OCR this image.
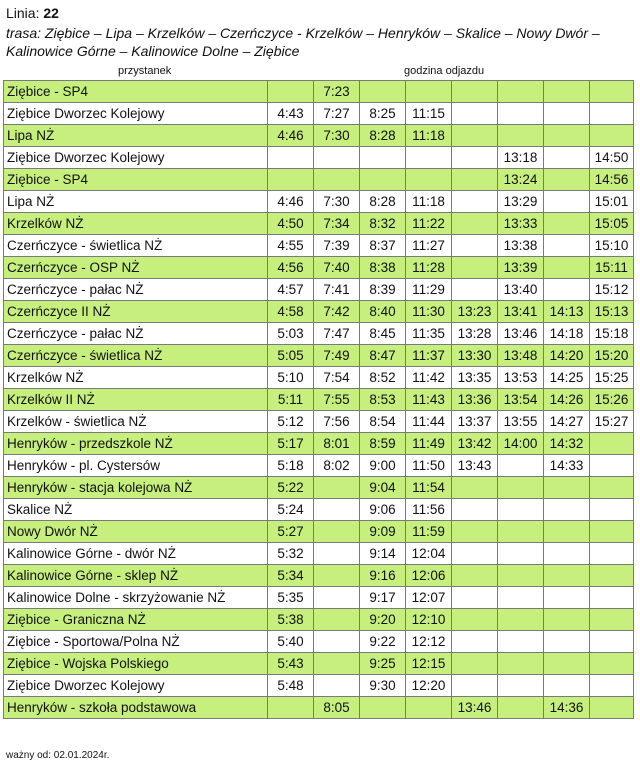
Linia: 22
trasa: Ziębice – Lipa – Krzelków – Czerńczyce - Krzelków – Henryków – Skalice – Nowy Dwór –
Kalinowice Górne – Kalinowice Dolne – Ziębice
przystanek	godzina odjazdu
Ziębice - SP4		7:23						
Ziębice Dworzec Kolejowy	4:43	7:27	8:25	11:15				
Lipa NŻ	4:46	7:30	8:28	11:18				
Ziębice Dworzec Kolejowy						13:18		14:50
Ziębice - SP4						13:24		14:56
Lipa NŻ	4:46	7:30	8:28	11:18		13:29		15:01
Krzelków NŻ	4:50	7:34	8:32	11:22		13:33		15:05
Czerńczyce - świetlica NŻ	4:55	7:39	8:37	11:27		13:38		15:10
Czerńczyce - OSP NŻ	4:56	7:40	8:38	11:28		13:39		15:11
Czerńczyce - pałac NŻ	4:57	7:41	8:39	11:29		13:40		15:12
Czerńczyce II NŻ	4:58	7:42	8:40	11:30	13:23	13:41	14:13	15:13
Czerńczyce - pałac NŻ	5:03	7:47	8:45	11:35	13:28	13:46	14:18	15:18
Czerńczyce - świetlica NŻ	5:05	7:49	8:47	11:37	13:30	13:48	14:20	15:20
Krzelków NŻ	5:10	7:54	8:52	11:42	13:35	13:53	14:25	15:25
Krzelków II NŻ	5:11	7:55	8:53	11:43	13:36	13:54	14:26	15:26
Krzelków - świetlica NŻ	5:12	7:56	8:54	11:44	13:37	13:55	14:27	15:27
Henryków - przedszkole NŻ	5:17	8:01	8:59	11:49	13:42	14:00	14:32	
Henryków - pl. Cystersów	5:18	8:02	9:00	11:50	13:43		14:33	
Henryków - stacja kolejowa NŻ	5:22		9:04	11:54				
Skalice NŻ	5:24		9:06	11:56				
Nowy Dwór NŻ	5:27		9:09	11:59				
Kalinowice Górne - dwór NŻ	5:32		9:14	12:04				
Kalinowice Górne - sklep NŻ	5:34		9:16	12:06				
Kalinowice Dolne - skrzyżowanie NŻ	5:35		9:17	12:07				
Ziębice - Graniczna NŻ	5:38		9:20	12:10				
Ziębice - Sportowa/Polna NŻ	5:40		9:22	12:12				
Ziębice - Wojska Polskiego	5:43		9:25	12:15				
Ziębice Dworzec Kolejowy	5:48		9:30	12:20				
Henryków - szkoła podstawowa		8:05			13:46		14:36	
ważny od: 02.01.2024r.
